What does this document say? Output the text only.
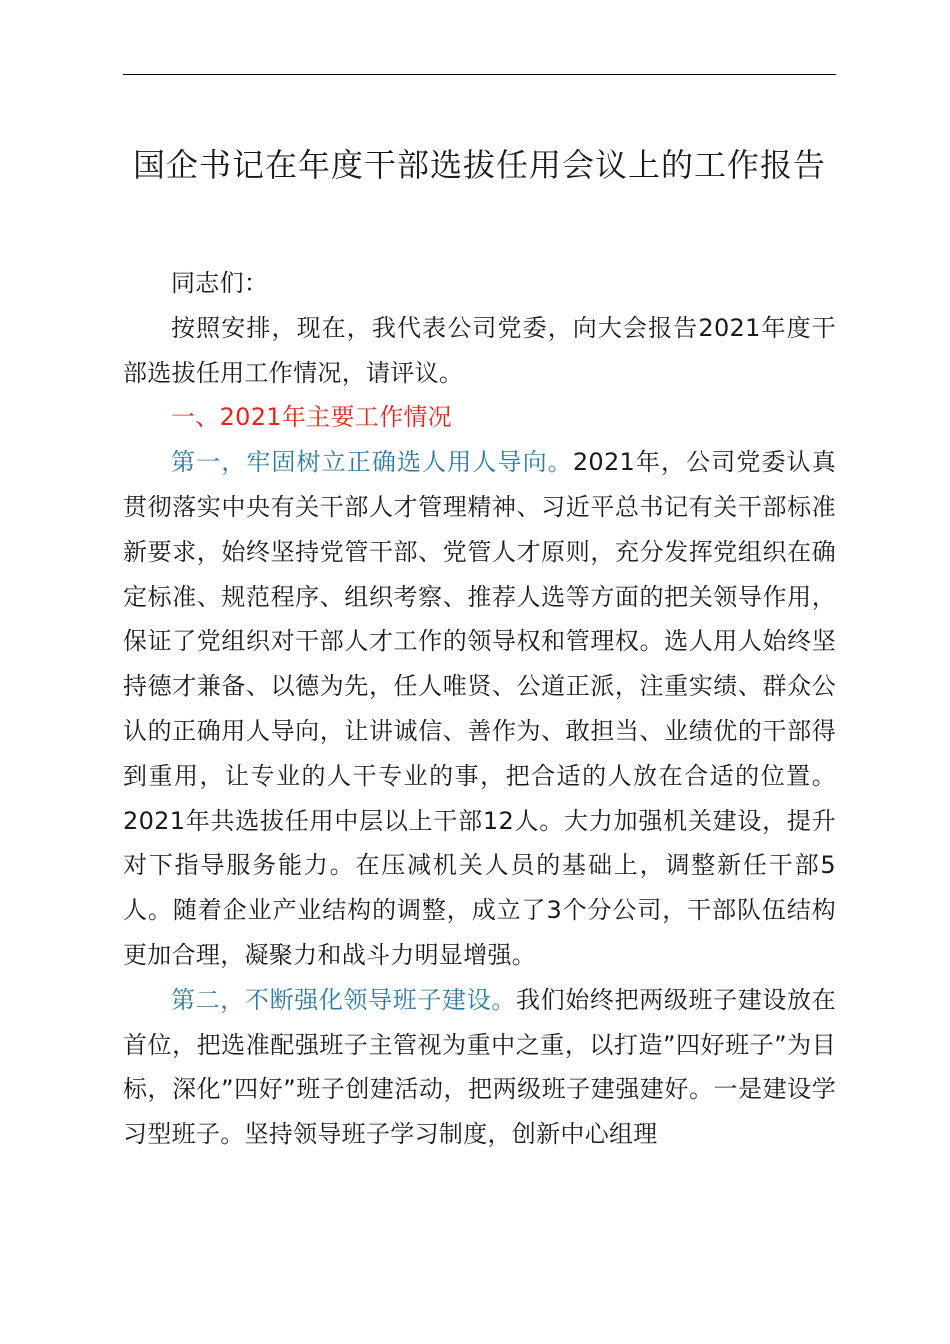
国企书记在年度干部选拔任用会议上的工作报告

同志们：

按照安排，现在，我代表公司党委，向大会报告2021年度干部选拔任用工作情况，请评议。

一、2021年主要工作情况

第一，牢固树立正确选人用人导向。2021年，公司党委认真贯彻落实中央有关干部人才管理精神、习近平总书记有关干部标准新要求，始终坚持党管干部、党管人才原则，充分发挥党组织在确定标准、规范程序、组织考察、推荐人选等方面的把关领导作用，保证了党组织对干部人才工作的领导权和管理权。选人用人始终坚持德才兼备、以德为先，任人唯贤、公道正派，注重实绩、群众公认的正确用人导向，让讲诚信、善作为、敢担当、业绩优的干部得到重用，让专业的人干专业的事，把合适的人放在合适的位置。2021年共选拔任用中层以上干部12人。大力加强机关建设，提升对下指导服务能力。在压减机关人员的基础上，调整新任干部5人。随着企业产业结构的调整，成立了3个分公司，干部队伍结构更加合理，凝聚力和战斗力明显增强。

第二，不断强化领导班子建设。我们始终把两级班子建设放在首位，把选准配强班子主管视为重中之重，以打造”四好班子”为目标，深化”四好”班子创建活动，把两级班子建强建好。一是建设学习型班子。坚持领导班子学习制度，创新中心组理
